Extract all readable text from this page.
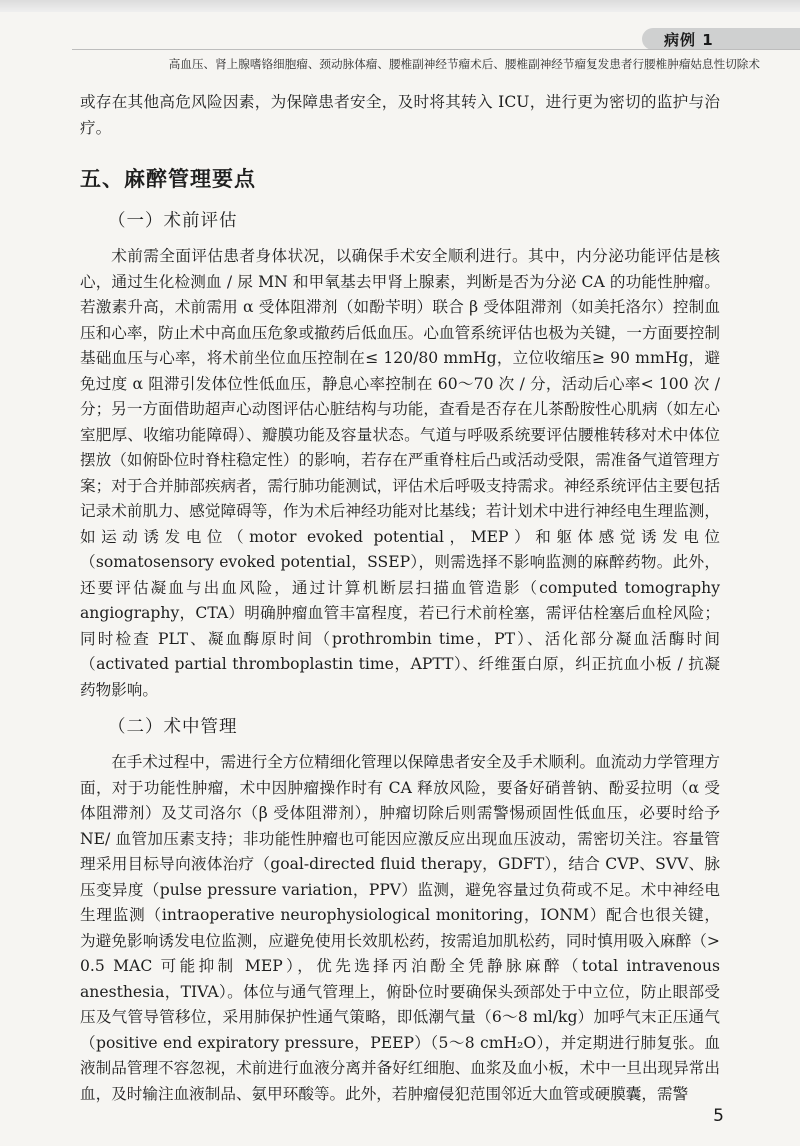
病例 1
高血压、肾上腺嗜铬细胞瘤、颈动脉体瘤、腰椎副神经节瘤术后、腰椎副神经节瘤复发患者行腰椎肿瘤姑息性切除术

或存在其他高危风险因素，为保障患者安全，及时将其转入 ICU，进行更为密切的监护与治疗。

五、麻醉管理要点
（一）术前评估

术前需全面评估患者身体状况，以确保手术安全顺利进行。其中，内分泌功能评估是核心，通过生化检测血 / 尿 MN 和甲氧基去甲肾上腺素，判断是否为分泌 CA 的功能性肿瘤。若激素升高，术前需用 α 受体阻滞剂（如酚苄明）联合 β 受体阻滞剂（如美托洛尔）控制血压和心率，防止术中高血压危象或撤药后低血压。心血管系统评估也极为关键，一方面要控制基础血压与心率，将术前坐位血压控制在≤ 120/80 mmHg，立位收缩压≥ 90 mmHg，避免过度 α 阻滞引发体位性低血压，静息心率控制在 60～70 次 / 分，活动后心率< 100 次 / 分；另一方面借助超声心动图评估心脏结构与功能，查看是否存在儿茶酚胺性心肌病（如左心室肥厚、收缩功能障碍）、瓣膜功能及容量状态。气道与呼吸系统要评估腰椎转移对术中体位摆放（如俯卧位时脊柱稳定性）的影响，若存在严重脊柱后凸或活动受限，需准备气道管理方案；对于合并肺部疾病者，需行肺功能测试，评估术后呼吸支持需求。神经系统评估主要包括记录术前肌力、感觉障碍等，作为术后神经功能对比基线；若计划术中进行神经电生理监测，如运动诱发电位（motor evoked potential，MEP）和躯体感觉诱发电位（somatosensory evoked potential，SSEP），则需选择不影响监测的麻醉药物。此外，还要评估凝血与出血风险，通过计算机断层扫描血管造影（computed tomography angiography，CTA）明确肿瘤血管丰富程度，若已行术前栓塞，需评估栓塞后血栓风险；同时检查 PLT、凝血酶原时间（prothrombin time，PT）、活化部分凝血活酶时间（activated partial thromboplastin time，APTT）、纤维蛋白原，纠正抗血小板 / 抗凝药物影响。

（二）术中管理

在手术过程中，需进行全方位精细化管理以保障患者安全及手术顺利。血流动力学管理方面，对于功能性肿瘤，术中因肿瘤操作时有 CA 释放风险，要备好硝普钠、酚妥拉明（α 受体阻滞剂）及艾司洛尔（β 受体阻滞剂），肿瘤切除后则需警惕顽固性低血压，必要时给予 NE/ 血管加压素支持；非功能性肿瘤也可能因应激反应出现血压波动，需密切关注。容量管理采用目标导向液体治疗（goal-directed fluid therapy，GDFT），结合 CVP、SVV、脉压变异度（pulse pressure variation，PPV）监测，避免容量过负荷或不足。术中神经电生理监测（intraoperative neurophysiological monitoring，IONM）配合也很关键，为避免影响诱发电位监测，应避免使用长效肌松药，按需追加肌松药，同时慎用吸入麻醉（> 0.5 MAC 可能抑制 MEP），优先选择丙泊酚全凭静脉麻醉（total intravenous anesthesia，TIVA）。体位与通气管理上，俯卧位时要确保头颈部处于中立位，防止眼部受压及气管导管移位，采用肺保护性通气策略，即低潮气量（6～8 ml/kg）加呼气末正压通气（positive end expiratory pressure，PEEP）（5～8 cmH₂O），并定期进行肺复张。血液制品管理不容忽视，术前进行血液分离并备好红细胞、血浆及血小板，术中一旦出现异常出血，及时输注血液制品、氨甲环酸等。此外，若肿瘤侵犯范围邻近大血管或硬膜囊，需警

5
